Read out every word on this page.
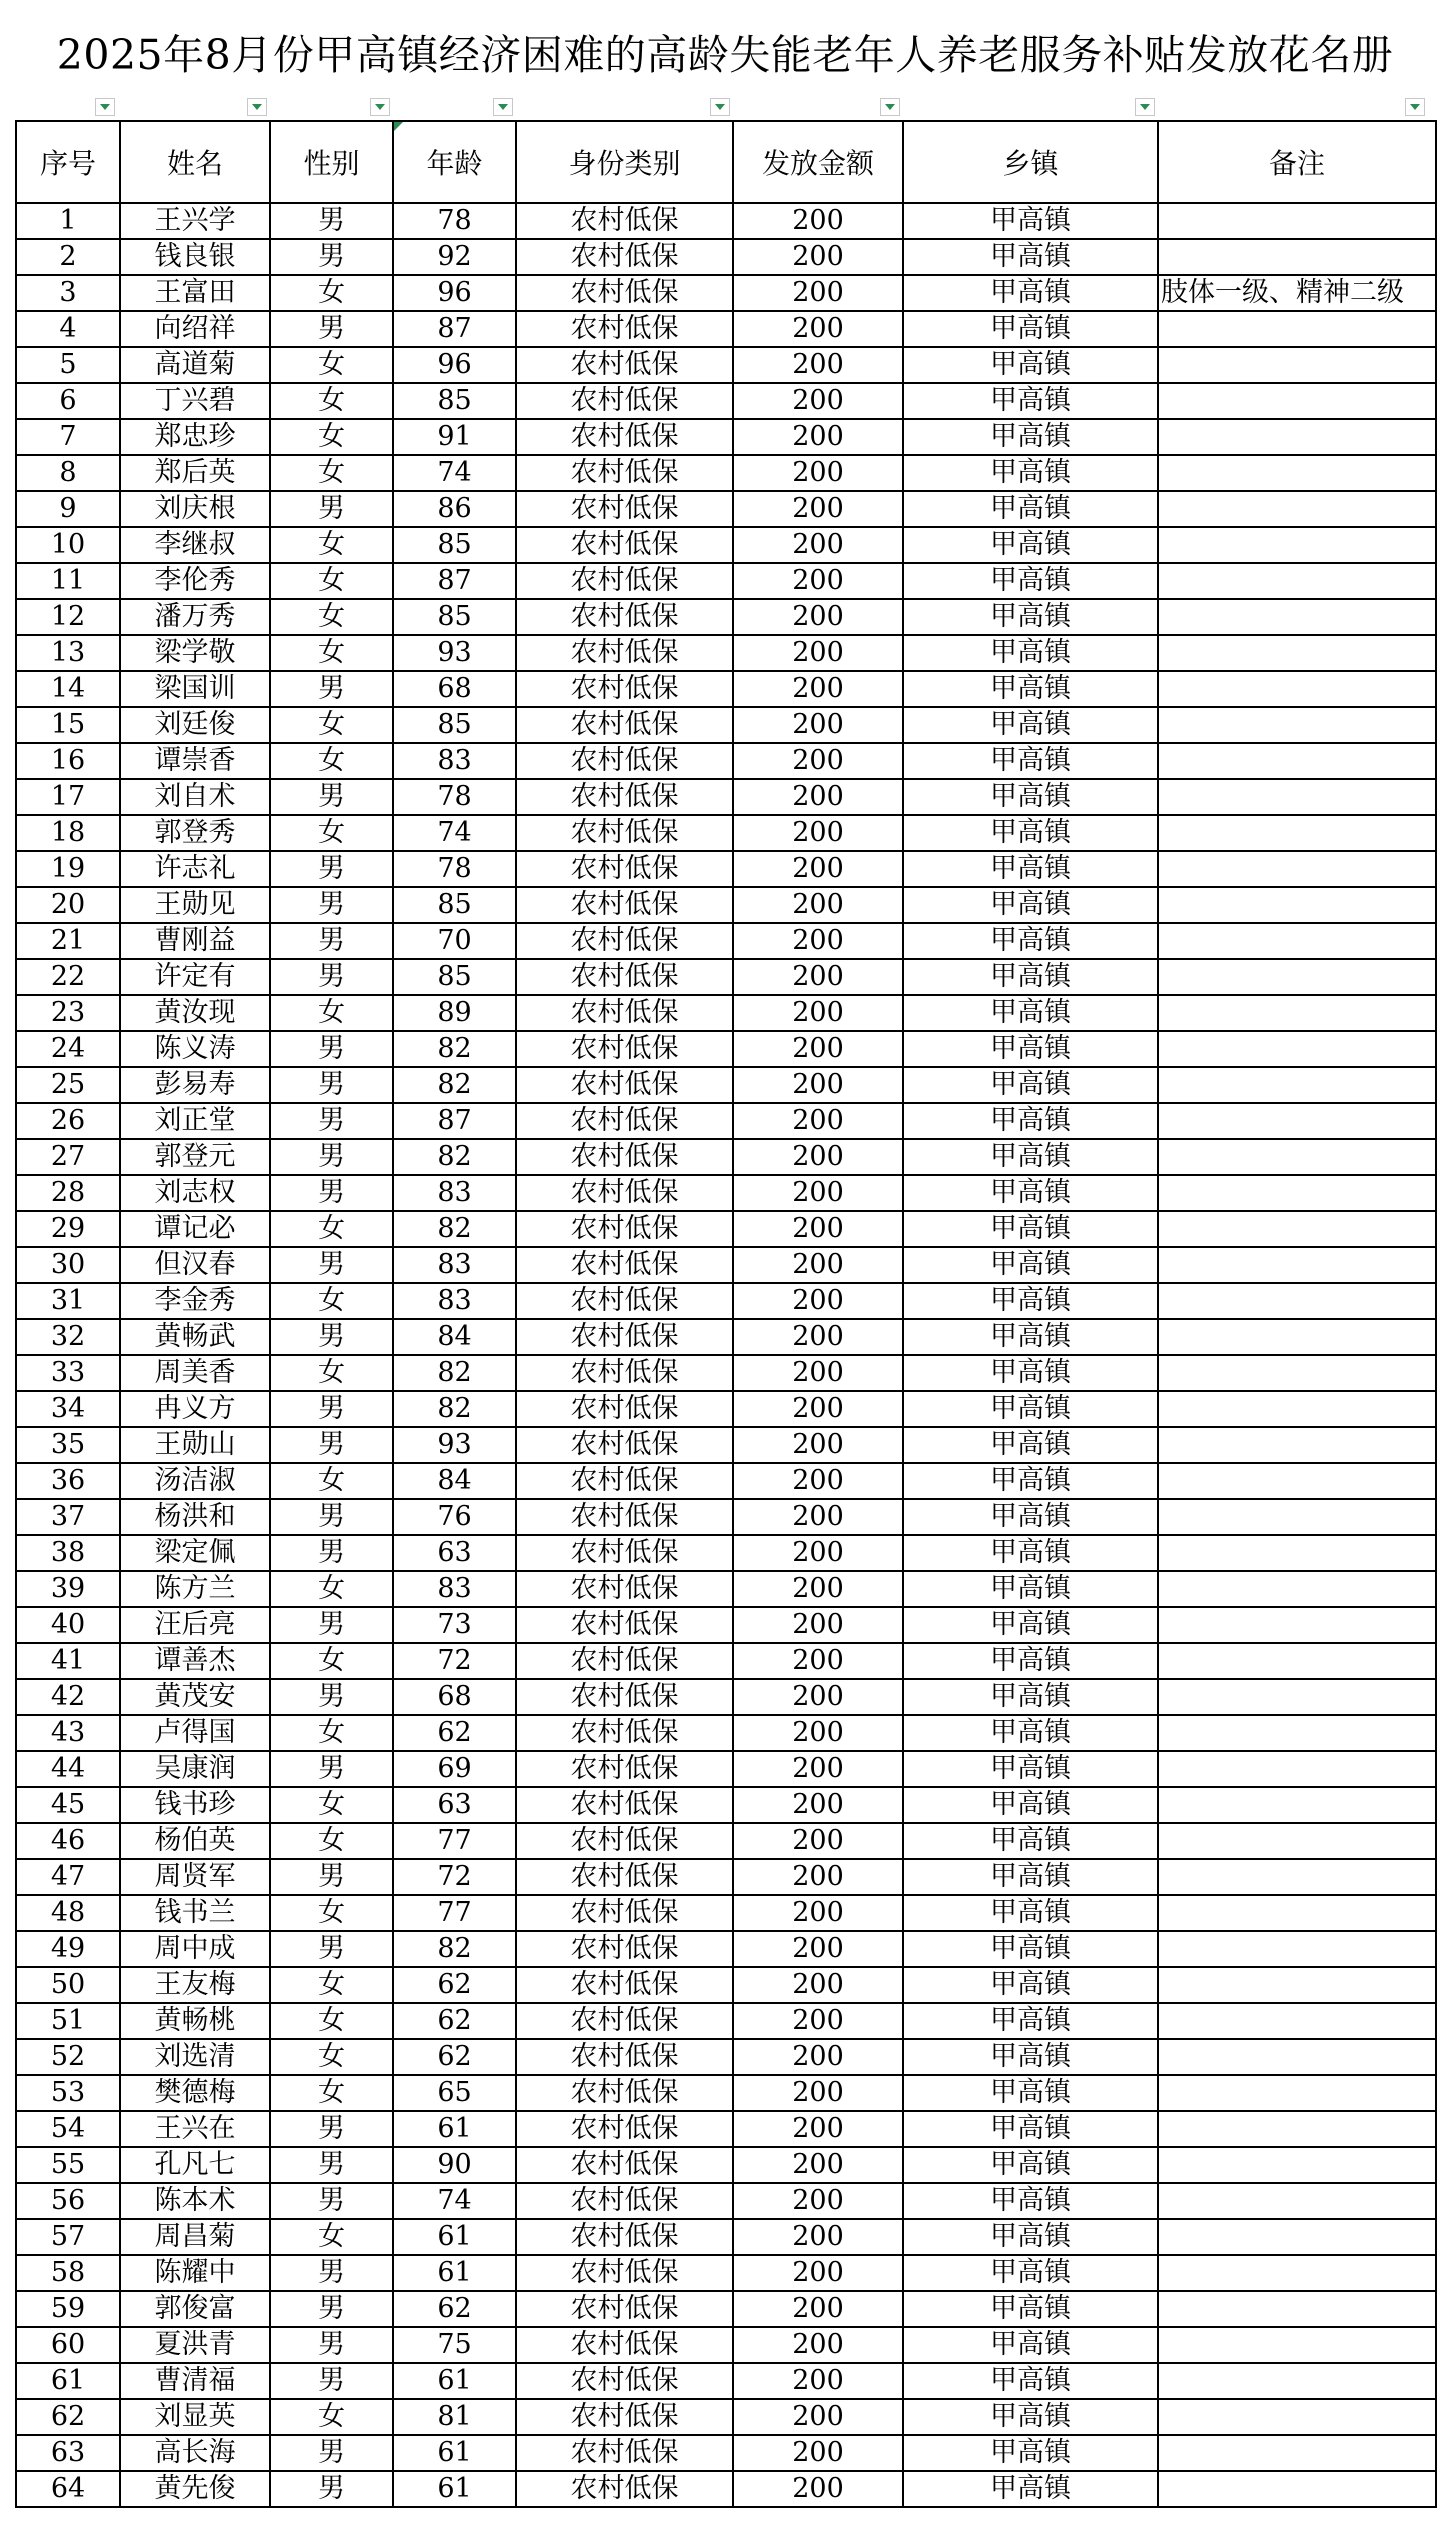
2025年8月份甲高镇经济困难的高龄失能老年人养老服务补贴发放花名册
序号	姓名	性别	年龄	身份类别	发放金额	乡镇	备注
1	王兴学	男	78	农村低保	200	甲高镇	
2	钱良银	男	92	农村低保	200	甲高镇	
3	王富田	女	96	农村低保	200	甲高镇	肢体一级、精神二级
4	向绍祥	男	87	农村低保	200	甲高镇	
5	高道菊	女	96	农村低保	200	甲高镇	
6	丁兴碧	女	85	农村低保	200	甲高镇	
7	郑忠珍	女	91	农村低保	200	甲高镇	
8	郑后英	女	74	农村低保	200	甲高镇	
9	刘庆根	男	86	农村低保	200	甲高镇	
10	李继叔	女	85	农村低保	200	甲高镇	
11	李伦秀	女	87	农村低保	200	甲高镇	
12	潘万秀	女	85	农村低保	200	甲高镇	
13	梁学敬	女	93	农村低保	200	甲高镇	
14	梁国训	男	68	农村低保	200	甲高镇	
15	刘廷俊	女	85	农村低保	200	甲高镇	
16	谭崇香	女	83	农村低保	200	甲高镇	
17	刘自术	男	78	农村低保	200	甲高镇	
18	郭登秀	女	74	农村低保	200	甲高镇	
19	许志礼	男	78	农村低保	200	甲高镇	
20	王勋见	男	85	农村低保	200	甲高镇	
21	曹刚益	男	70	农村低保	200	甲高镇	
22	许定有	男	85	农村低保	200	甲高镇	
23	黄汝现	女	89	农村低保	200	甲高镇	
24	陈义涛	男	82	农村低保	200	甲高镇	
25	彭易寿	男	82	农村低保	200	甲高镇	
26	刘正堂	男	87	农村低保	200	甲高镇	
27	郭登元	男	82	农村低保	200	甲高镇	
28	刘志权	男	83	农村低保	200	甲高镇	
29	谭记必	女	82	农村低保	200	甲高镇	
30	但汉春	男	83	农村低保	200	甲高镇	
31	李金秀	女	83	农村低保	200	甲高镇	
32	黄畅武	男	84	农村低保	200	甲高镇	
33	周美香	女	82	农村低保	200	甲高镇	
34	冉义方	男	82	农村低保	200	甲高镇	
35	王勋山	男	93	农村低保	200	甲高镇	
36	汤洁淑	女	84	农村低保	200	甲高镇	
37	杨洪和	男	76	农村低保	200	甲高镇	
38	梁定佩	男	63	农村低保	200	甲高镇	
39	陈方兰	女	83	农村低保	200	甲高镇	
40	汪后亮	男	73	农村低保	200	甲高镇	
41	谭善杰	女	72	农村低保	200	甲高镇	
42	黄茂安	男	68	农村低保	200	甲高镇	
43	卢得国	女	62	农村低保	200	甲高镇	
44	吴康润	男	69	农村低保	200	甲高镇	
45	钱书珍	女	63	农村低保	200	甲高镇	
46	杨伯英	女	77	农村低保	200	甲高镇	
47	周贤军	男	72	农村低保	200	甲高镇	
48	钱书兰	女	77	农村低保	200	甲高镇	
49	周中成	男	82	农村低保	200	甲高镇	
50	王友梅	女	62	农村低保	200	甲高镇	
51	黄畅桃	女	62	农村低保	200	甲高镇	
52	刘选清	女	62	农村低保	200	甲高镇	
53	樊德梅	女	65	农村低保	200	甲高镇	
54	王兴在	男	61	农村低保	200	甲高镇	
55	孔凡七	男	90	农村低保	200	甲高镇	
56	陈本术	男	74	农村低保	200	甲高镇	
57	周昌菊	女	61	农村低保	200	甲高镇	
58	陈耀中	男	61	农村低保	200	甲高镇	
59	郭俊富	男	62	农村低保	200	甲高镇	
60	夏洪青	男	75	农村低保	200	甲高镇	
61	曹清福	男	61	农村低保	200	甲高镇	
62	刘显英	女	81	农村低保	200	甲高镇	
63	高长海	男	61	农村低保	200	甲高镇	
64	黄先俊	男	61	农村低保	200	甲高镇	
